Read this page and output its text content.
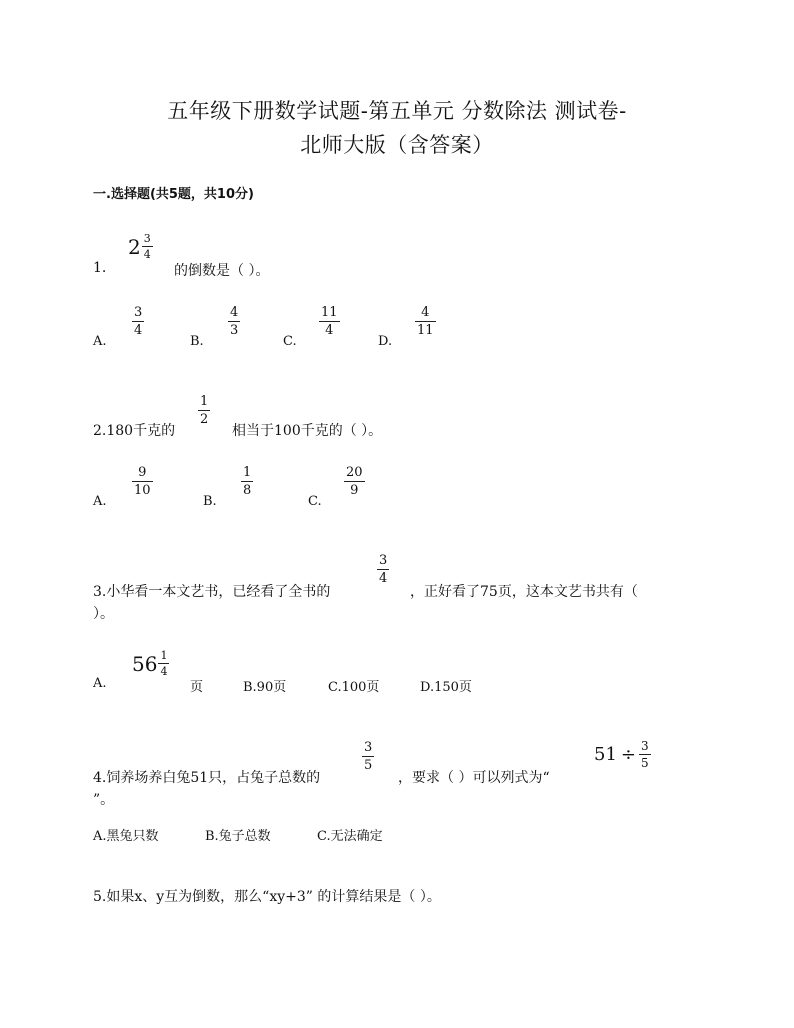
五年级下册数学试题-第五单元 分数除法 测试卷-
北师大版（含答案）
一.选择题(共5题，共10分)
1.
$2 \frac{3}{4}$
的倒数是（ ）。
A.
3
4
B.
4
3
C.
11
4
D.
4
11
2.180千克的
1
2
相当于100千克的（ ）。
A.
9
10
B.
1
8
C.
20
9
3.小华看一本文艺书，已经看了全书的
3
4
，正好看了75页，这本文艺书共有（
）。
A.
$56 \frac{1}{4}$
页	B.90页	C.100页	D.150页
4.饲养场养白兔51只，占兔子总数的
3
5
，要求（ ）可以列式为“
$51 \div \frac{3}{5}$
”。
A.黑兔只数	B.兔子总数	C.无法确定
5.如果x、y互为倒数，那么“xy+3” 的计算结果是（ ）。
